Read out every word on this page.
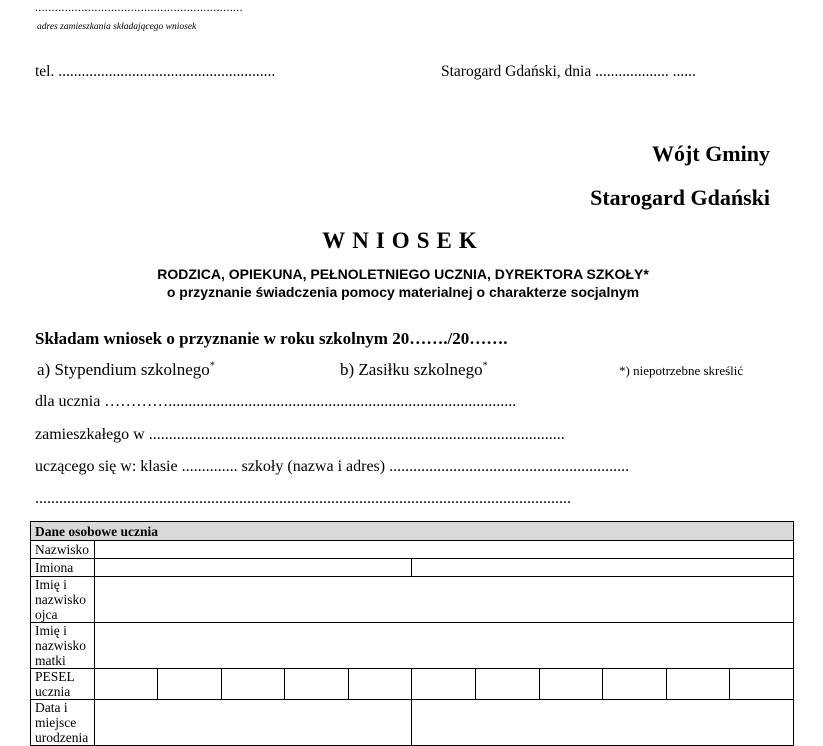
...............................................................
adres zamieszkania składającego wniosek
tel. ........................................................	Starogard Gdański, dnia ................... ......
Wójt Gminy
Starogard Gdański
WNIOSEK
RODZICA, OPIEKUNA, PEŁNOLETNIEGO UCZNIA, DYREKTORA SZKOŁY*
o przyznanie świadczenia pomocy materialnej o charakterze socjalnym
Składam wniosek o przyznanie w roku szkolnym 20……./20…….
a) Stypendium szkolnego*	b) Zasiłku szkolnego*	*) niepotrzebne skreślić
dla ucznia ………….......................................................................................
zamieszkałego w ........................................................................................................
uczącego się w: klasie .............. szkoły (nazwa i adres) ............................................................
......................................................................................................................................
Dane osobowe ucznia											
Nazwisko											
Imiona											
Imię i nazwisko ojca											
Imię i nazwisko matki											
PESEL ucznia											
Data i miejsce urodzenia											
